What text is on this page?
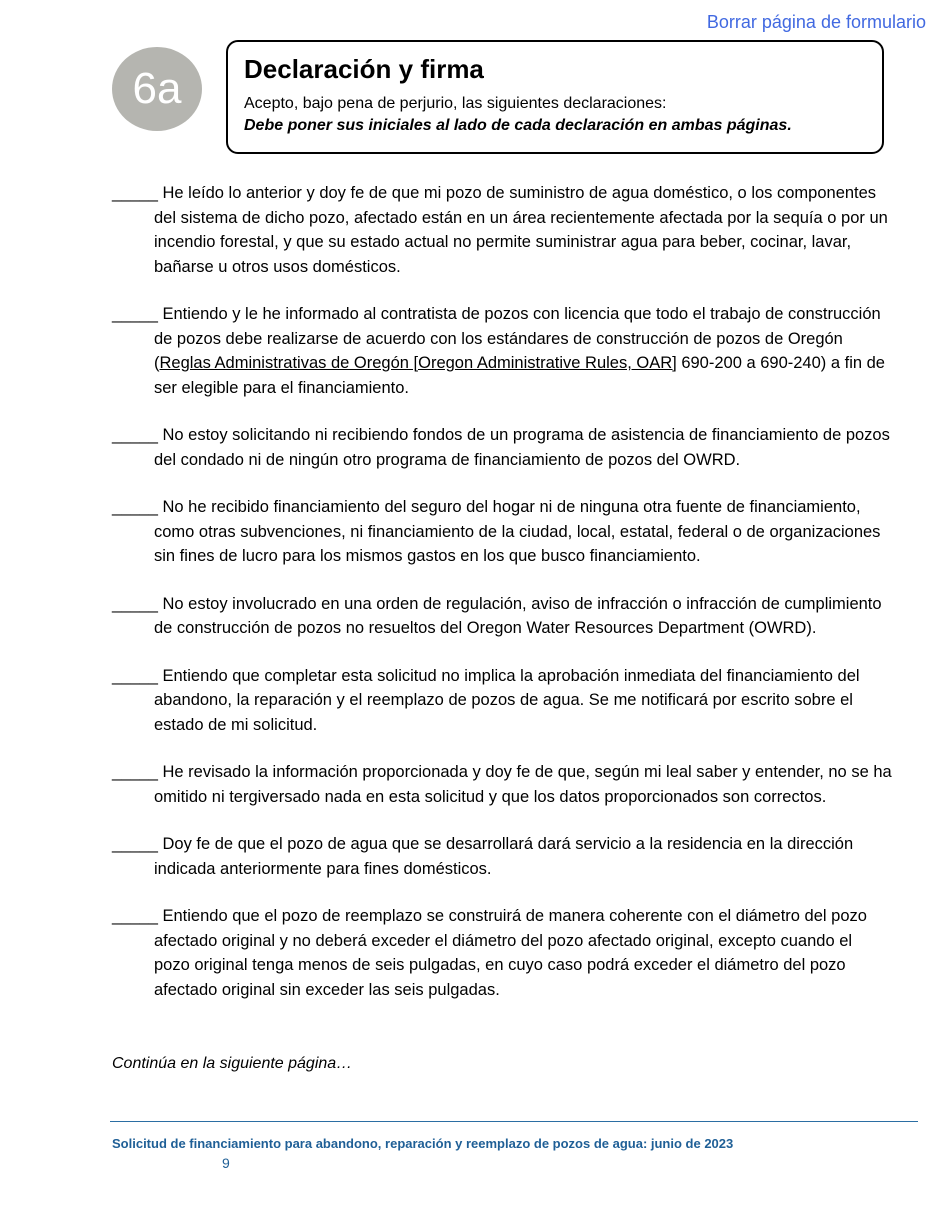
Borrar página de formulario
6a	Declaración y firma
Acepto, bajo pena de perjurio, las siguientes declaraciones:
Debe poner sus iniciales al lado de cada declaración en ambas páginas.

_____ He leído lo anterior y doy fe de que mi pozo de suministro de agua doméstico, o los componentes del sistema de dicho pozo, afectado están en un área recientemente afectada por la sequía o por un incendio forestal, y que su estado actual no permite suministrar agua para beber, cocinar, lavar, bañarse u otros usos domésticos.

_____ Entiendo y le he informado al contratista de pozos con licencia que todo el trabajo de construcción de pozos debe realizarse de acuerdo con los estándares de construcción de pozos de Oregón (Reglas Administrativas de Oregón [Oregon Administrative Rules, OAR] 690-200 a 690-240) a fin de ser elegible para el financiamiento.

_____ No estoy solicitando ni recibiendo fondos de un programa de asistencia de financiamiento de pozos del condado ni de ningún otro programa de financiamiento de pozos del OWRD.

_____ No he recibido financiamiento del seguro del hogar ni de ninguna otra fuente de financiamiento, como otras subvenciones, ni financiamiento de la ciudad, local, estatal, federal o de organizaciones sin fines de lucro para los mismos gastos en los que busco financiamiento.

_____ No estoy involucrado en una orden de regulación, aviso de infracción o infracción de cumplimiento de construcción de pozos no resueltos del Oregon Water Resources Department (OWRD).

_____ Entiendo que completar esta solicitud no implica la aprobación inmediata del financiamiento del abandono, la reparación y el reemplazo de pozos de agua. Se me notificará por escrito sobre el estado de mi solicitud.

_____ He revisado la información proporcionada y doy fe de que, según mi leal saber y entender, no se ha omitido ni tergiversado nada en esta solicitud y que los datos proporcionados son correctos.

_____ Doy fe de que el pozo de agua que se desarrollará dará servicio a la residencia en la dirección indicada anteriormente para fines domésticos.

_____ Entiendo que el pozo de reemplazo se construirá de manera coherente con el diámetro del pozo afectado original y no deberá exceder el diámetro del pozo afectado original, excepto cuando el pozo original tenga menos de seis pulgadas, en cuyo caso podrá exceder el diámetro del pozo afectado original sin exceder las seis pulgadas.

Continúa en la siguiente página…
Solicitud de financiamiento para abandono, reparación y reemplazo de pozos de agua: junio de 2023
9
